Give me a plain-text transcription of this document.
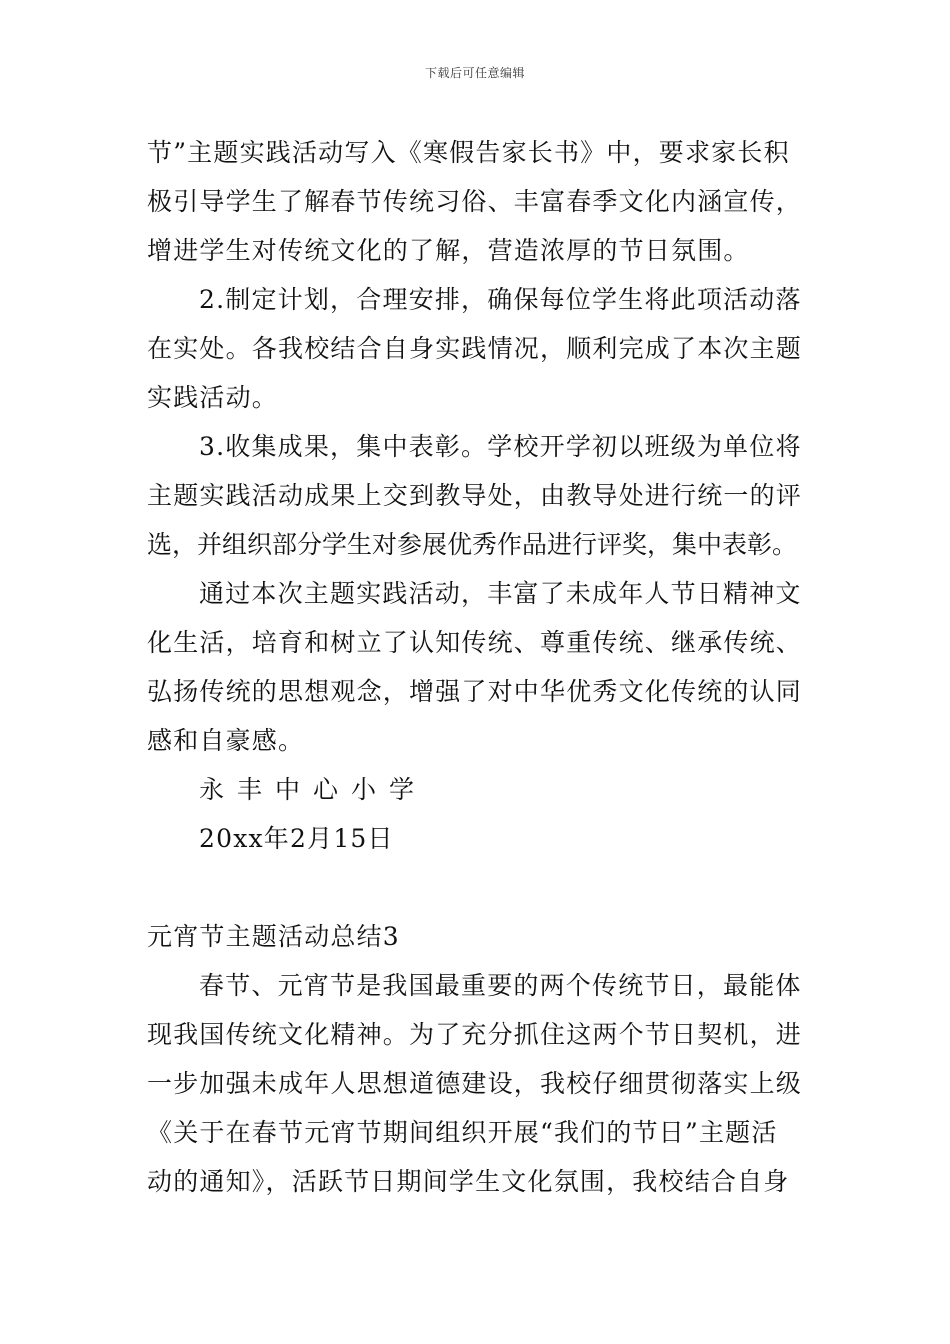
下载后可任意编辑
节”主题实践活动写入《寒假告家长书》中，要求家长积
极引导学生了解春节传统习俗、丰富春季文化内涵宣传，
增进学生对传统文化的了解，营造浓厚的节日氛围。
2.制定计划，合理安排，确保每位学生将此项活动落
在实处。各我校结合自身实践情况，顺利完成了本次主题
实践活动。
3.收集成果，集中表彰。学校开学初以班级为单位将
主题实践活动成果上交到教导处，由教导处进行统一的评
选，并组织部分学生对参展优秀作品进行评奖，集中表彰。
通过本次主题实践活动，丰富了未成年人节日精神文
化生活，培育和树立了认知传统、尊重传统、继承传统、
弘扬传统的思想观念，增强了对中华优秀文化传统的认同
感和自豪感。
永丰中心小学
20xx年2月15日
元宵节主题活动总结3
春节、元宵节是我国最重要的两个传统节日，最能体
现我国传统文化精神。为了充分抓住这两个节日契机，进
一步加强未成年人思想道德建设，我校仔细贯彻落实上级
《关于在春节元宵节期间组织开展“我们的节日”主题活
动的通知》，活跃节日期间学生文化氛围，我校结合自身
